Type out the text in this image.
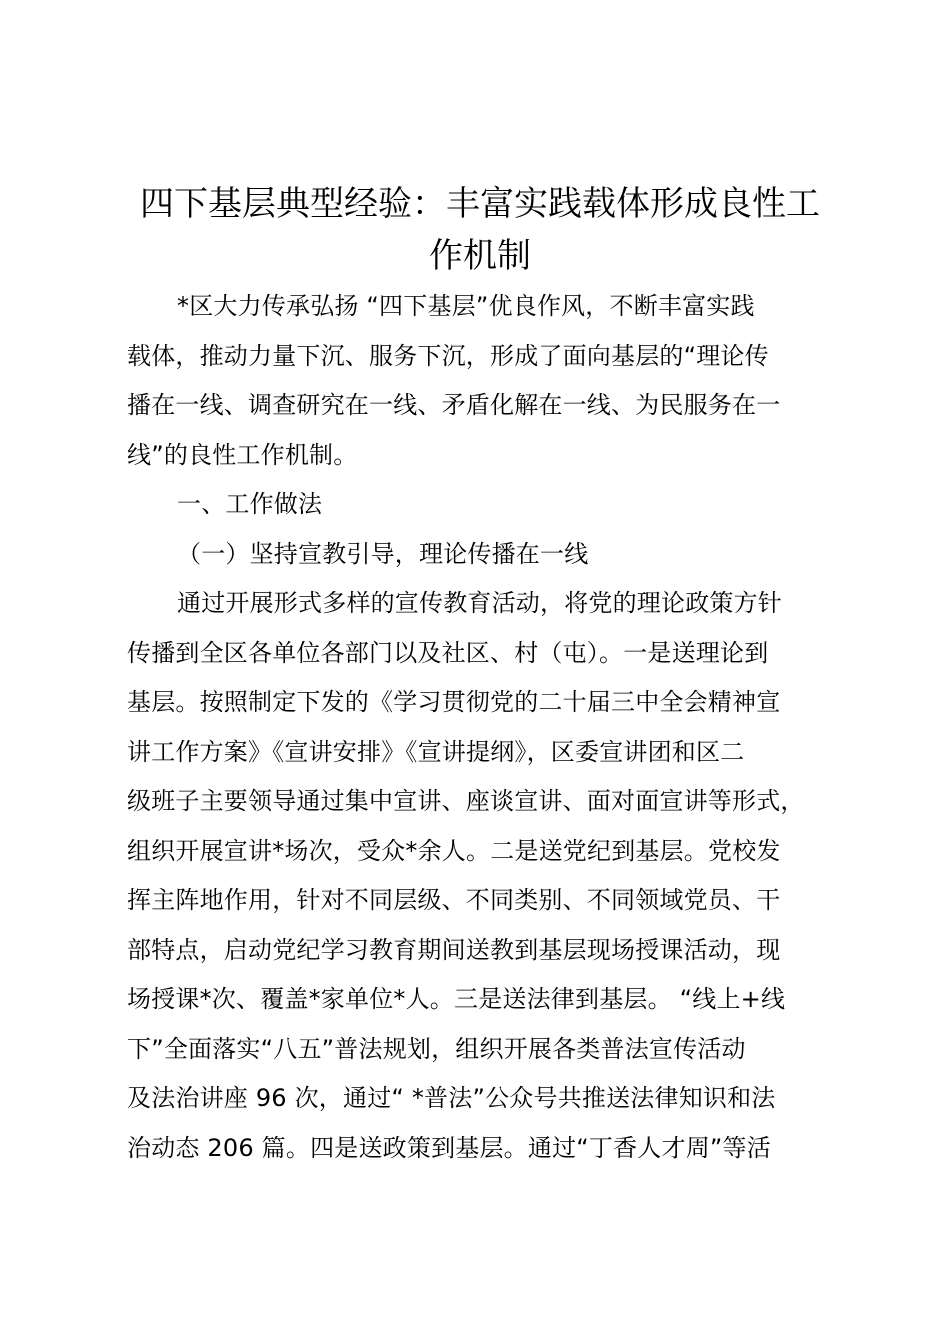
四下基层典型经验：丰富实践载体形成良性工
作机制
*区大力传承弘扬 “四下基层”优良作风，不断丰富实践
载体，推动力量下沉、服务下沉，形成了面向基层的“理论传
播在一线、调查研究在一线、矛盾化解在一线、为民服务在一
线”的良性工作机制。
一、工作做法
（一）坚持宣教引导，理论传播在一线
通过开展形式多样的宣传教育活动，将党的理论政策方针
传播到全区各单位各部门以及社区、村（屯）。一是送理论到
基层。按照制定下发的《学习贯彻党的二十届三中全会精神宣
讲工作方案》《宣讲安排》《宣讲提纲》，区委宣讲团和区二
级班子主要领导通过集中宣讲、座谈宣讲、面对面宣讲等形式，
组织开展宣讲*场次，受众*余人。二是送党纪到基层。党校发
挥主阵地作用，针对不同层级、不同类别、不同领域党员、干
部特点，启动党纪学习教育期间送教到基层现场授课活动，现
场授课*次、覆盖*家单位*人。三是送法律到基层。 “线上+线
下”全面落实“八五”普法规划，组织开展各类普法宣传活动
及法治讲座 96 次，通过“ *普法”公众号共推送法律知识和法
治动态 206 篇。四是送政策到基层。通过“丁香人才周”等活
